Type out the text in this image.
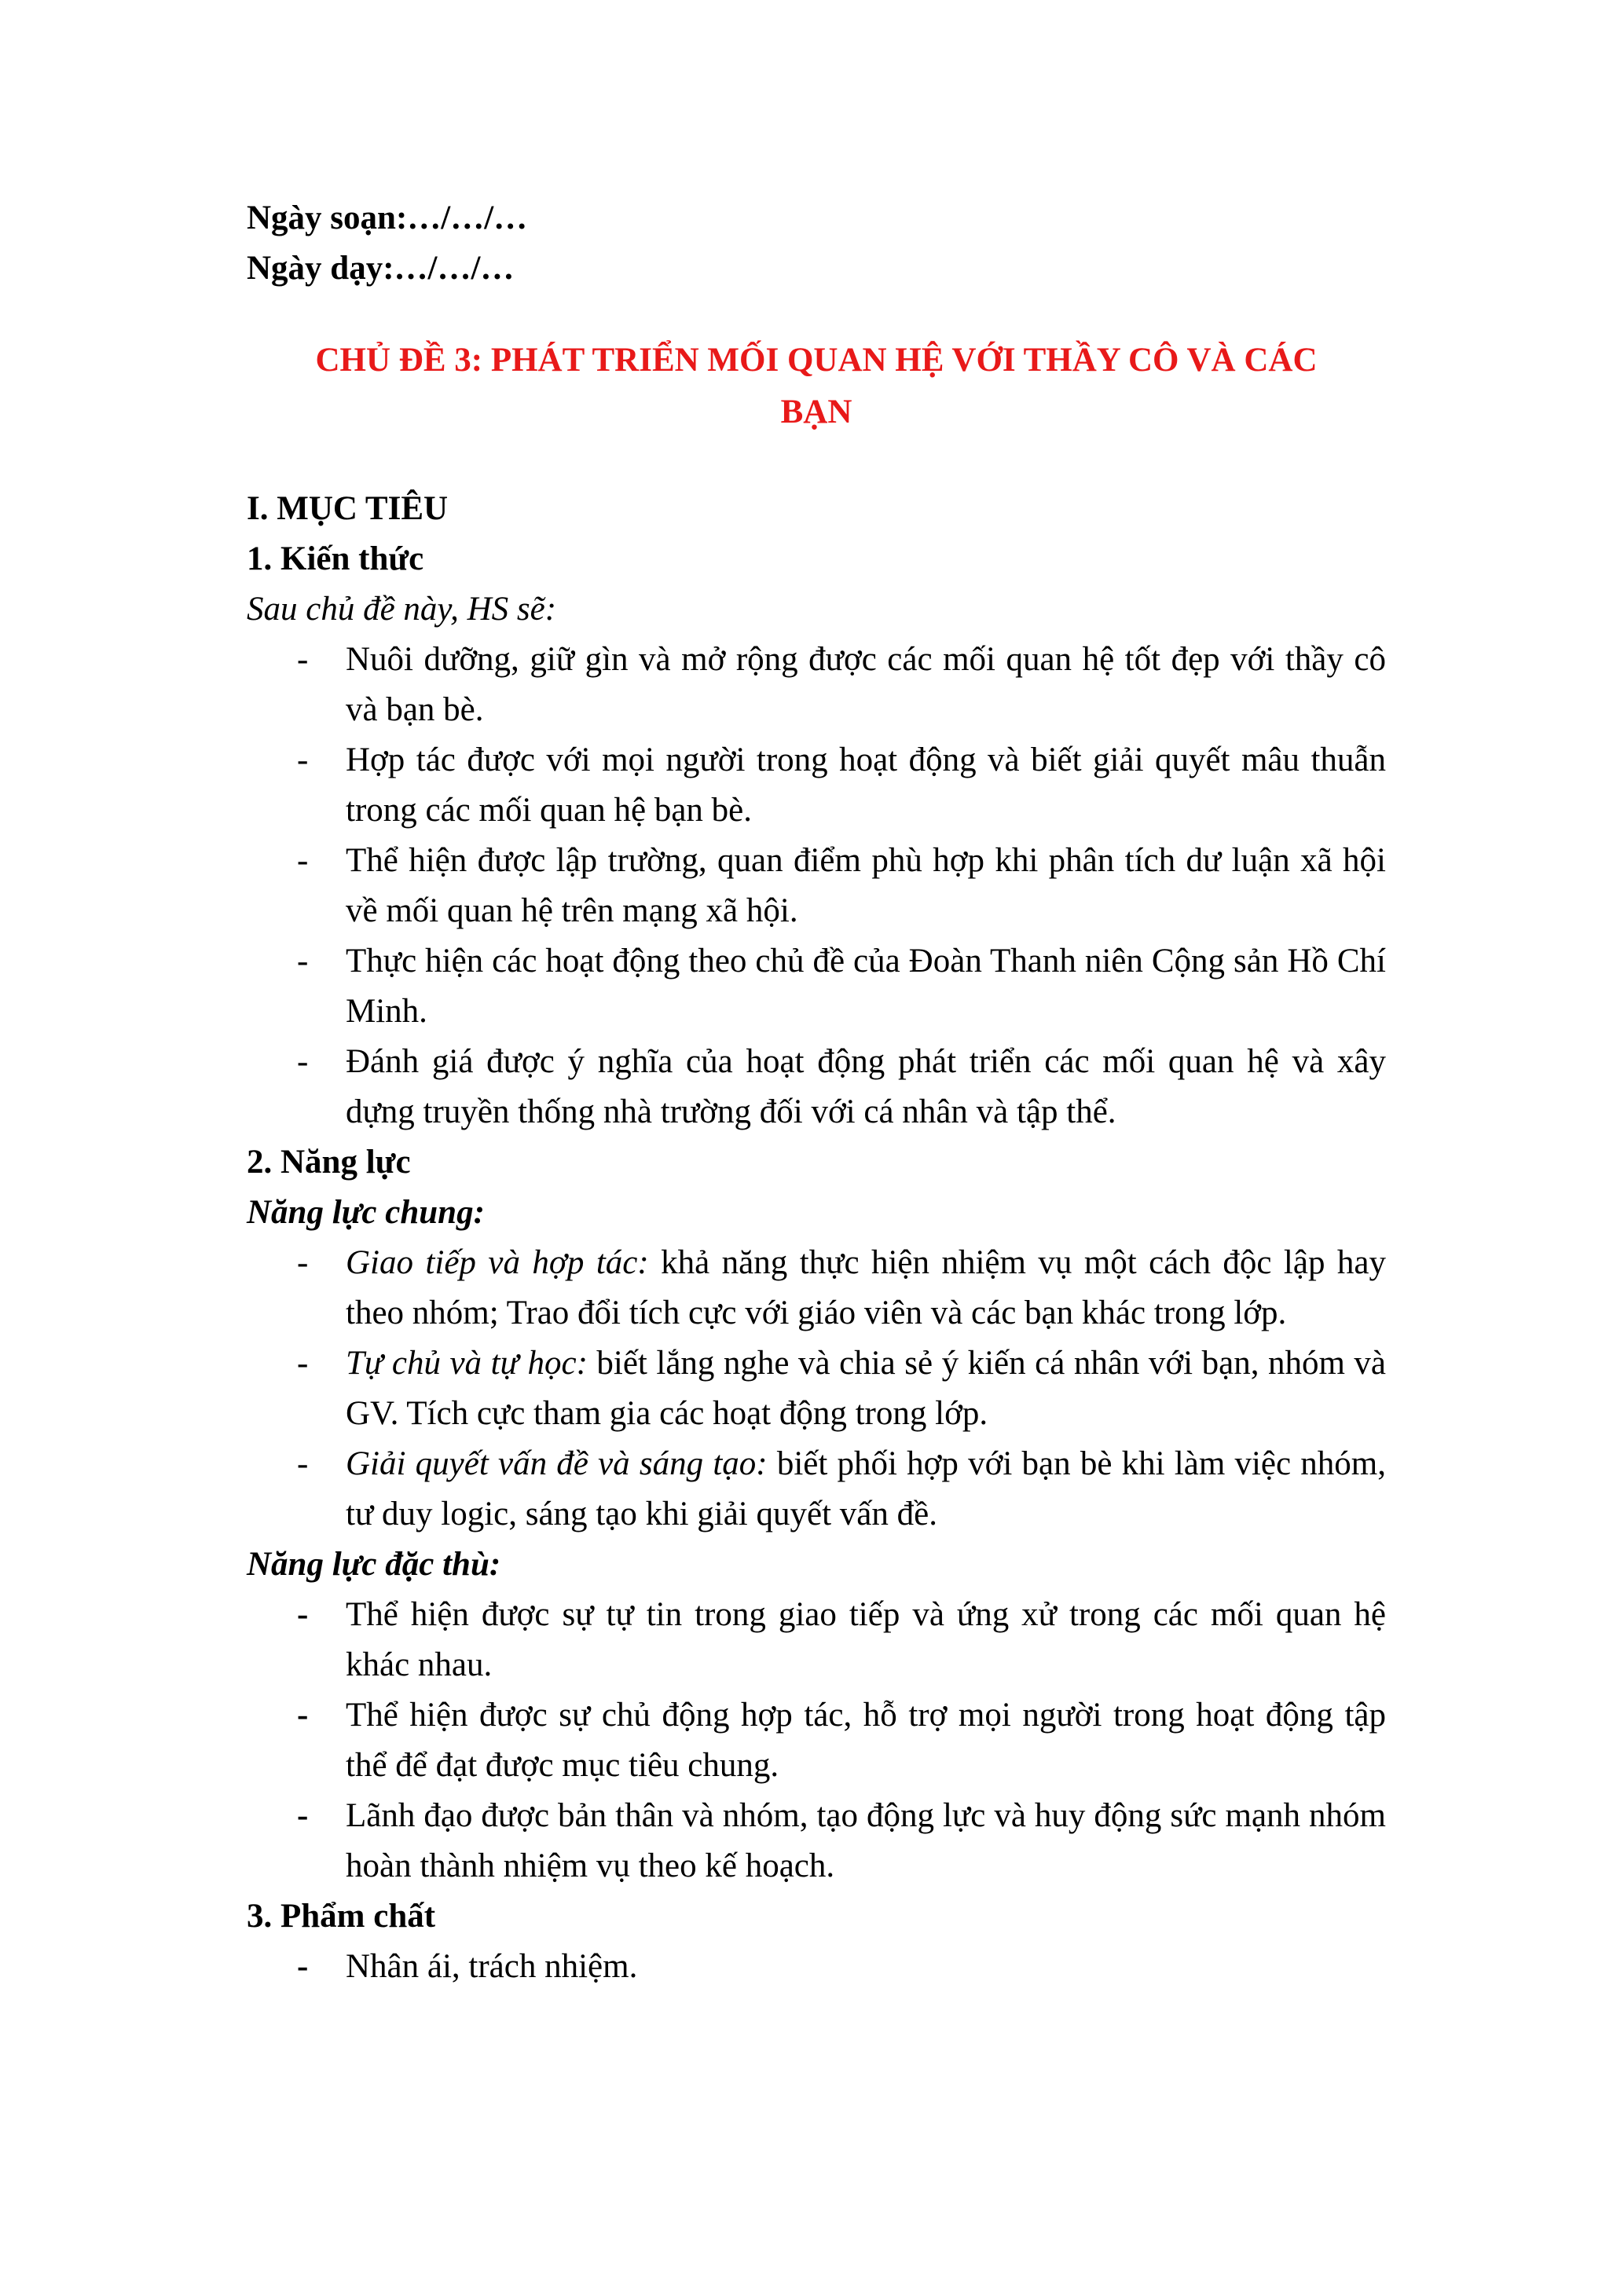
Ngày soạn:…/…/…
Ngày dạy:…/…/…
CHỦ ĐỀ 3: PHÁT TRIỂN MỐI QUAN HỆ VỚI THẦY CÔ VÀ CÁC BẠN
I. MỤC TIÊU
1. Kiến thức
Sau chủ đề này, HS sẽ:
- Nuôi dưỡng, giữ gìn và mở rộng được các mối quan hệ tốt đẹp với thầy cô và bạn bè.
- Hợp tác được với mọi người trong hoạt động và biết giải quyết mâu thuẫn trong các mối quan hệ bạn bè.
- Thể hiện được lập trường, quan điểm phù hợp khi phân tích dư luận xã hội về mối quan hệ trên mạng xã hội.
- Thực hiện các hoạt động theo chủ đề của Đoàn Thanh niên Cộng sản Hồ Chí Minh.
- Đánh giá được ý nghĩa của hoạt động phát triển các mối quan hệ và xây dựng truyền thống nhà trường đối với cá nhân và tập thể.
2. Năng lực
Năng lực chung:
- Giao tiếp và hợp tác: khả năng thực hiện nhiệm vụ một cách độc lập hay theo nhóm; Trao đổi tích cực với giáo viên và các bạn khác trong lớp.
- Tự chủ và tự học: biết lắng nghe và chia sẻ ý kiến cá nhân với bạn, nhóm và GV. Tích cực tham gia các hoạt động trong lớp.
- Giải quyết vấn đề và sáng tạo: biết phối hợp với bạn bè khi làm việc nhóm, tư duy logic, sáng tạo khi giải quyết vấn đề.
Năng lực đặc thù:
- Thể hiện được sự tự tin trong giao tiếp và ứng xử trong các mối quan hệ khác nhau.
- Thể hiện được sự chủ động hợp tác, hỗ trợ mọi người trong hoạt động tập thể để đạt được mục tiêu chung.
- Lãnh đạo được bản thân và nhóm, tạo động lực và huy động sức mạnh nhóm hoàn thành nhiệm vụ theo kế hoạch.
3. Phẩm chất
- Nhân ái, trách nhiệm.
